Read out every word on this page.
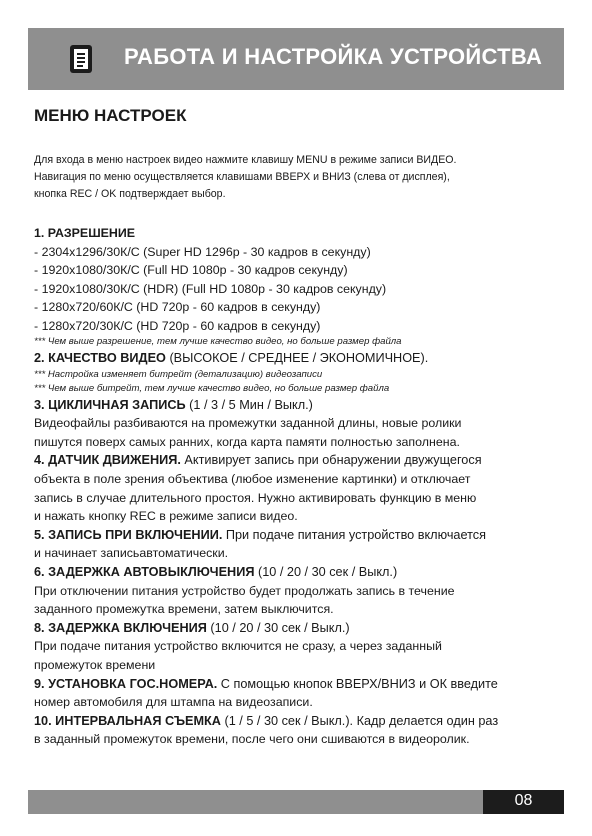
РАБОТА И НАСТРОЙКА УСТРОЙСТВА
МЕНЮ НАСТРОЕК
Для входа в меню настроек видео нажмите клавишу MENU в режиме записи ВИДЕО.
Навигация по меню осуществляется клавишами ВВЕРХ и ВНИЗ (слева от дисплея),
кнопка REC / OK подтверждает выбор.
1. РАЗРЕШЕНИЕ
- 2304x1296/30К/С (Super HD 1296p - 30 кадров в секунду)
- 1920x1080/30К/С (Full HD 1080p - 30 кадров секунду)
- 1920x1080/30К/С (HDR) (Full HD 1080p - 30 кадров секунду)
- 1280x720/60К/С (HD 720p - 60 кадров в секунду)
- 1280x720/30К/С (HD 720p - 60 кадров в секунду)
*** Чем выше разрешение, тем лучше качество видео, но больше размер файла
2. КАЧЕСТВО ВИДЕО (ВЫСОКОЕ / СРЕДНЕЕ / ЭКОНОМИЧНОЕ).
*** Настройка изменяет битрейт (детализацию) видеозаписи
*** Чем выше битрейт, тем лучше качество видео, но больше размер файла
3. ЦИКЛИЧНАЯ ЗАПИСЬ (1 / 3 / 5 Мин / Выкл.)
Видеофайлы разбиваются на промежутки заданной длины, новые ролики
пишутся поверх самых ранних, когда карта памяти полностью заполнена.
4. ДАТЧИК ДВИЖЕНИЯ. Активирует запись при обнаружении двужущегося
объекта в поле зрения объектива (любое изменение картинки) и отключает
запись в случае длительного простоя. Нужно активировать функцию в меню
и нажать кнопку REC в режиме записи видео.
5. ЗАПИСЬ ПРИ ВКЛЮЧЕНИИ. При подаче питания устройство включается
и начинает записьавтоматически.
6. ЗАДЕРЖКА АВТОВЫКЛЮЧЕНИЯ (10 / 20 / 30 сек / Выкл.)
При отключении питания устройство будет продолжать запись в течение
заданного промежутка времени, затем выключится.
8. ЗАДЕРЖКА ВКЛЮЧЕНИЯ (10 / 20 / 30 сек / Выкл.)
При подаче питания устройство включится не сразу, а через заданный
промежуток времени
9. УСТАНОВКА ГОС.НОМЕРА. С помощью кнопок ВВЕРХ/ВНИЗ и ОК введите
номер автомобиля для штампа на видеозаписи.
10. ИНТЕРВАЛЬНАЯ СЪЕМКА (1 / 5 / 30 сек / Выкл.). Кадр делается один раз
в заданный промежуток времени, после чего они сшиваются в видеоролик.
08
